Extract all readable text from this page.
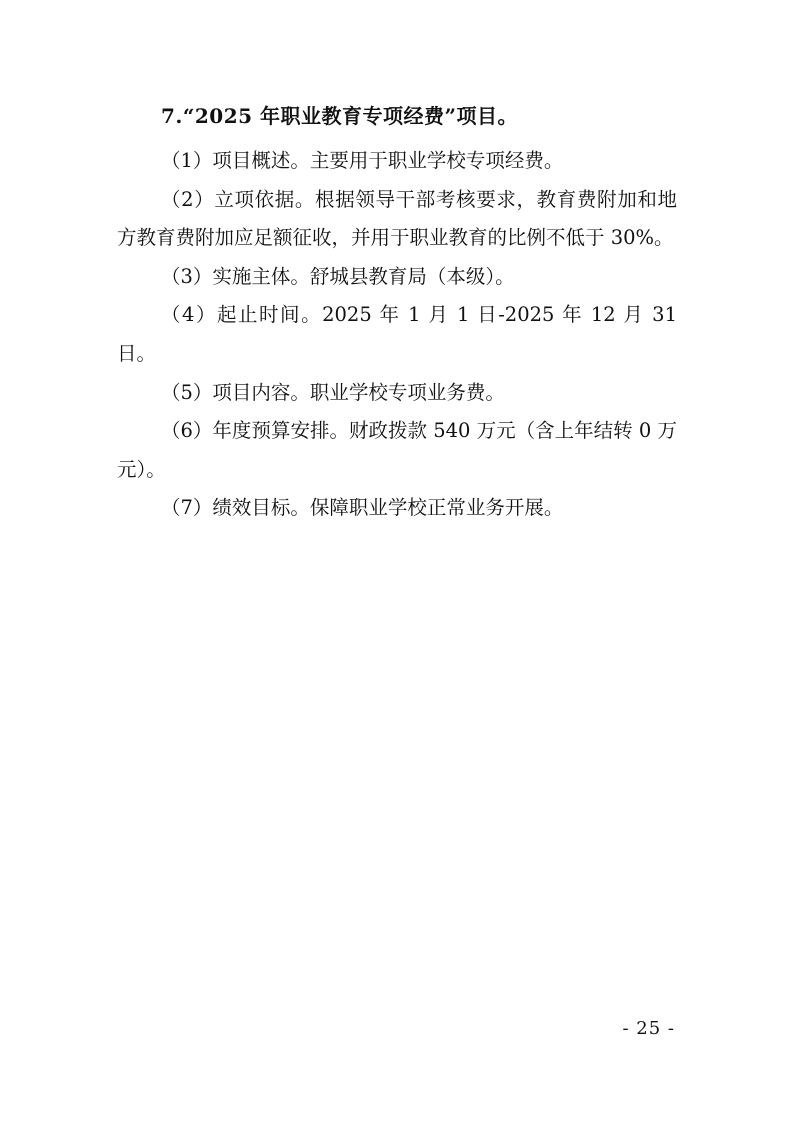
7.“2025 年职业教育专项经费”项目。

（1）项目概述。主要用于职业学校专项经费。

（2）立项依据。根据领导干部考核要求，教育费附加和地方教育费附加应足额征收，并用于职业教育的比例不低于 30%。

（3）实施主体。舒城县教育局（本级）。

（4）起止时间。2025 年 1 月 1 日-2025 年 12 月 31 日。

（5）项目内容。职业学校专项业务费。

（6）年度预算安排。财政拨款 540 万元（含上年结转 0 万元）。

（7）绩效目标。保障职业学校正常业务开展。

- 25 -
